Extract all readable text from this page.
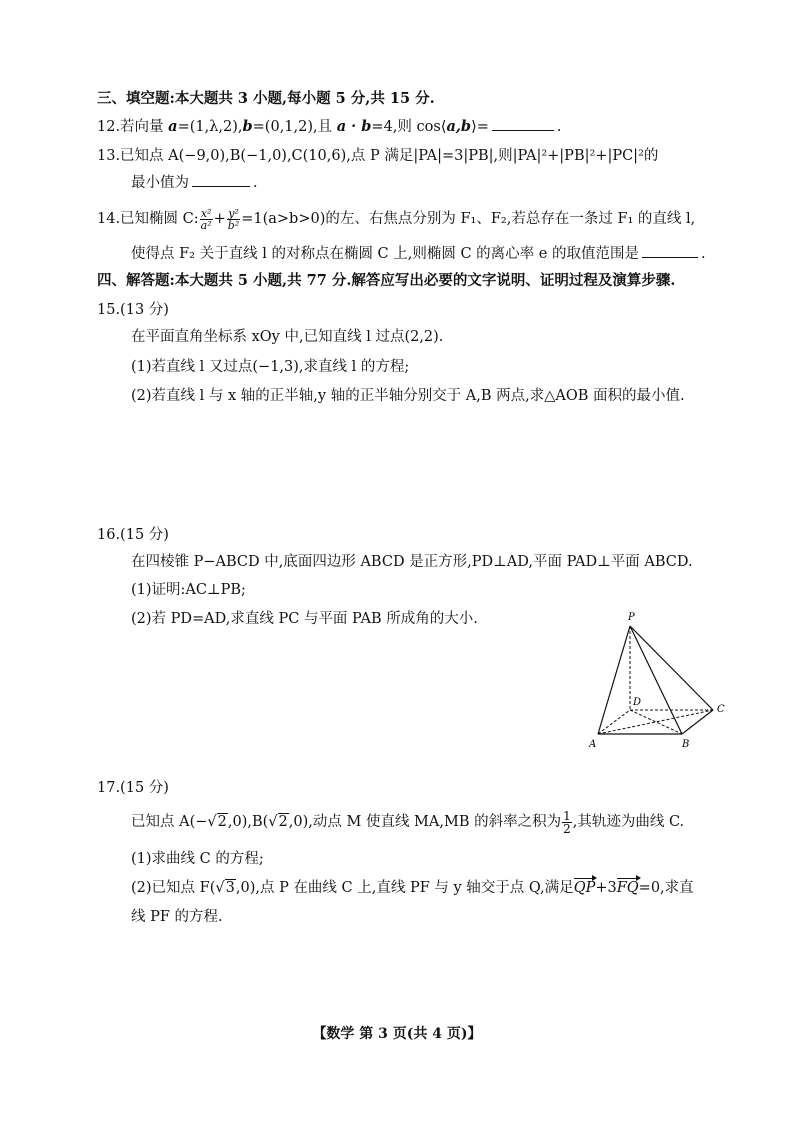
三、填空题:本大题共 3 小题,每小题 5 分,共 15 分.
12.若向量 a=(1,λ,2),b=(0,1,2),且 a · b=4,则 cos⟨a,b⟩=	.
13.已知点 A(−9,0),B(−1,0),C(10,6),点 P 满足|PA|=3|PB|,则|PA|²+|PB|²+|PC|²的
最小值为	.
14.已知椭圆 C: $\frac{\text{x²}}{\text{a²}} + \frac{\text{y²}}{\text{b²}} =1(a>b>0)$的左、右焦点分别为 F₁、F₂,若总存在一条过 F₁ 的直线 l,
使得点 F₂ 关于直线 l 的对称点在椭圆 C 上,则椭圆 C 的离心率 e 的取值范围是	.
四、解答题:本大题共 5 小题,共 77 分.解答应写出必要的文字说明、证明过程及演算步骤.
15.(13 分)
在平面直角坐标系 xOy 中,已知直线 l 过点(2,2).
(1)若直线 l 又过点(−1,3),求直线 l 的方程;
(2)若直线 l 与 x 轴的正半轴,y 轴的正半轴分别交于 A,B 两点,求△AOB 面积的最小值.
16.(15 分)
在四棱锥 P−ABCD 中,底面四边形 ABCD 是正方形,PD⊥AD,平面 PAD⊥平面 ABCD.
(1)证明:AC⊥PB;
(2)若 PD=AD,求直线 PC 与平面 PAB 所成角的大小.	P
D
C
A	B
17.(15 分)
已知点 A(−√2,0),B(√2,0),动点 M 使直线 MA,MB 的斜率之积为 $\frac{1}{2}$ ,其轨迹为曲线 C.
(1)求曲线 C 的方程;
(2)已知点 F(√3,0),点 P 在曲线 C 上,直线 PF 与 y 轴交于点 Q,满足QP+3FQ=0,求直
线 PF 的方程.
【数学 第 3 页(共 4 页)】
